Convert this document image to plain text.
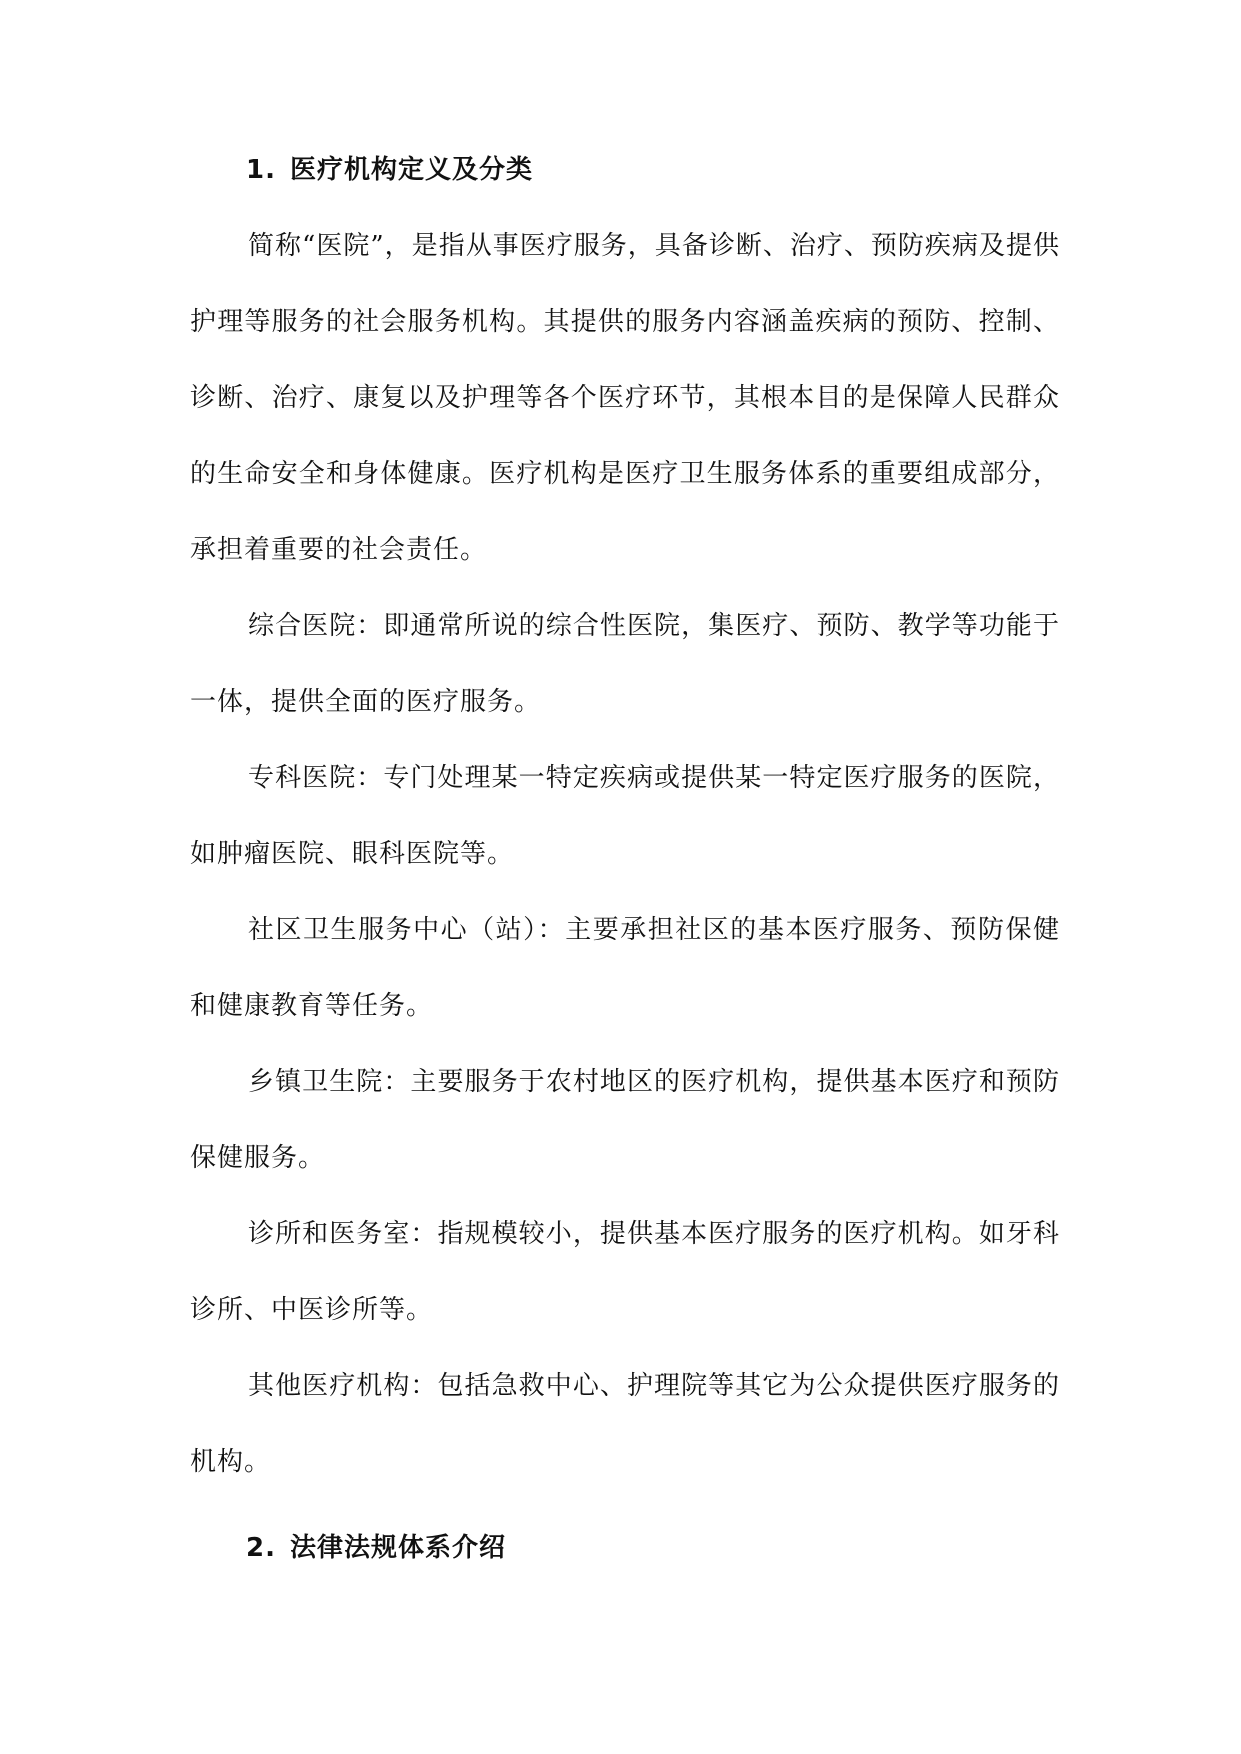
1. 医疗机构定义及分类

简称“医院”，是指从事医疗服务，具备诊断、治疗、预防疾病及提供护理等服务的社会服务机构。其提供的服务内容涵盖疾病的预防、控制、诊断、治疗、康复以及护理等各个医疗环节，其根本目的是保障人民群众的生命安全和身体健康。医疗机构是医疗卫生服务体系的重要组成部分，承担着重要的社会责任。

综合医院：即通常所说的综合性医院，集医疗、预防、教学等功能于一体，提供全面的医疗服务。

专科医院：专门处理某一特定疾病或提供某一特定医疗服务的医院，如肿瘤医院、眼科医院等。

社区卫生服务中心（站）：主要承担社区的基本医疗服务、预防保健和健康教育等任务。

乡镇卫生院：主要服务于农村地区的医疗机构，提供基本医疗和预防保健服务。

诊所和医务室：指规模较小，提供基本医疗服务的医疗机构。如牙科诊所、中医诊所等。

其他医疗机构：包括急救中心、护理院等其它为公众提供医疗服务的机构。

2. 法律法规体系介绍
